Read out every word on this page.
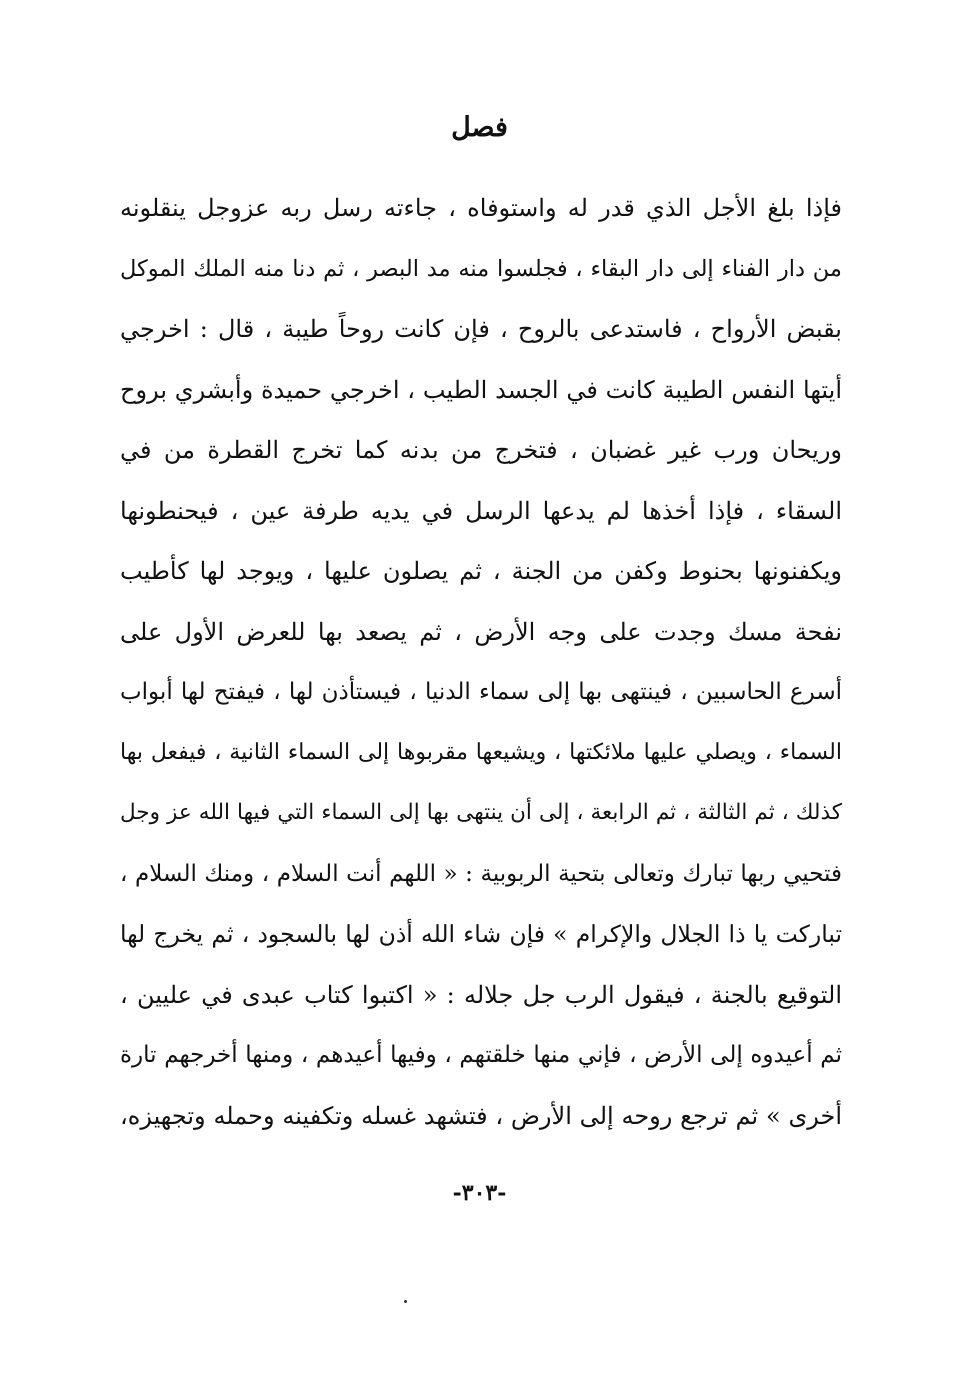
فصل
فإذا بلغ الأجل الذي قدر له واستوفاه ، جاءته رسل ربه عزوجل ينقلونه
من دار الفناء إلى دار البقاء ، فجلسوا منه مد البصر ، ثم دنا منه الملك الموكل
بقبض الأرواح ، فاستدعى بالروح ، فإن كانت روحاً طيبة ، قال : اخرجي
أيتها النفس الطيبة كانت في الجسد الطيب ، اخرجي حميدة وأبشري بروح
وريحان ورب غير غضبان ، فتخرج من بدنه كما تخرج القطرة من في
السقاء ، فإذا أخذها لم يدعها الرسل في يديه طرفة عين ، فيحنطونها
ويكفنونها بحنوط وكفن من الجنة ، ثم يصلون عليها ، ويوجد لها كأطيب
نفحة مسك وجدت على وجه الأرض ، ثم يصعد بها للعرض الأول على
أسرع الحاسبين ، فينتهى بها إلى سماء الدنيا ، فيستأذن لها ، فيفتح لها أبواب
السماء ، ويصلي عليها ملائكتها ، ويشيعها مقربوها إلى السماء الثانية ، فيفعل بها
كذلك ، ثم الثالثة ، ثم الرابعة ، إلى أن ينتهى بها إلى السماء التي فيها الله عز وجل
فتحيي ربها تبارك وتعالى بتحية الربوبية : « اللهم أنت السلام ، ومنك السلام ،
تباركت يا ذا الجلال والإكرام » فإن شاء الله أذن لها بالسجود ، ثم يخرج لها
التوقيع بالجنة ، فيقول الرب جل جلاله : « اكتبوا كتاب عبدى في عليين ،
ثم أعيدوه إلى الأرض ، فإني منها خلقتهم ، وفيها أعيدهم ، ومنها أخرجهم تارة
أخرى » ثم ترجع روحه إلى الأرض ، فتشهد غسله وتكفينه وحمله وتجهيزه،
-٣٠٣-
